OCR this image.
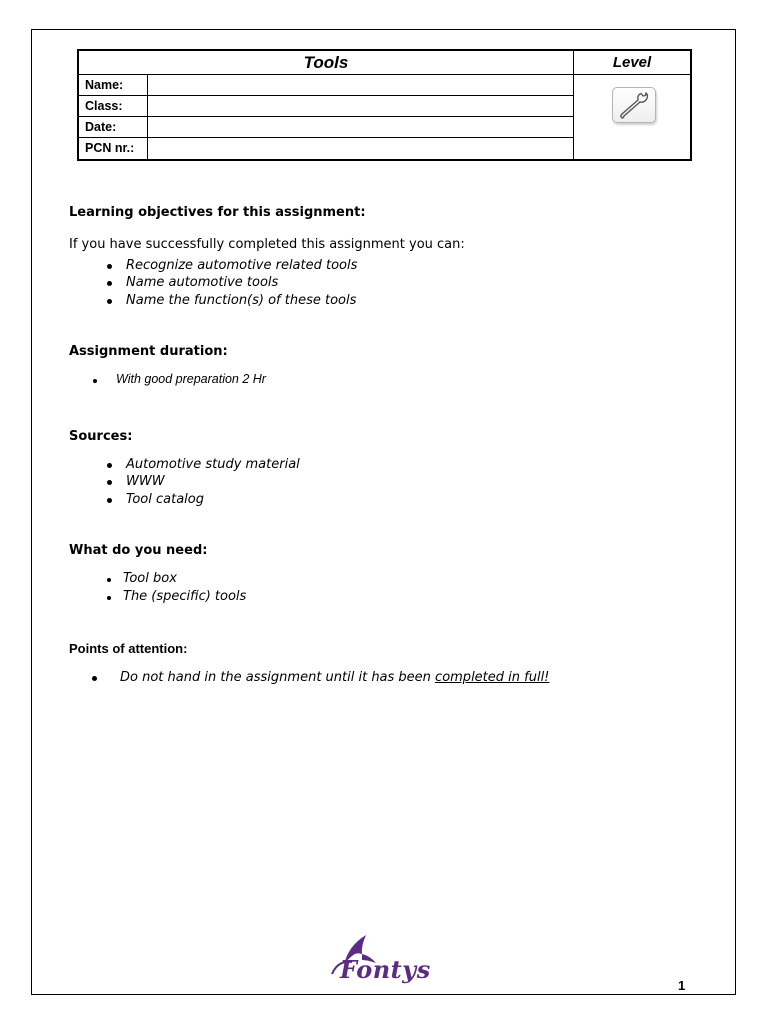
Tools	Level
Name:
Class:
Date:
PCN nr.:
Learning objectives for this assignment:
If you have successfully completed this assignment you can:
Recognize automotive related tools
Name automotive tools
Name the function(s) of these tools
Assignment duration:
With good preparation 2 Hr
Sources:
Automotive study material
WWW
Tool catalog
What do you need:
Tool box
The (specific) tools
Points of attention:
Do not hand in the assignment until it has been completed in full!
Fontys
1
